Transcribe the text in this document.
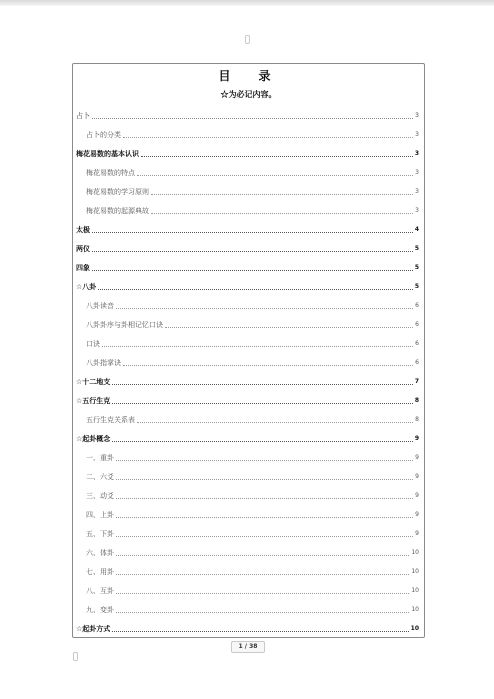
目　录
☆为必记内容。
占卜	3
占卜的分类	3
梅花易数的基本认识	3
梅花易数的特点	3
梅花易数的学习原则	3
梅花易数的起源典故	3
太极	4
两仪	5
四象	5
☆八卦	5
八卦读音	6
八卦卦序与卦相记忆口诀	6
口诀	6
八卦指掌诀	6
☆十二地支	7
☆五行生克	8
五行生克关系表	8
☆起卦概念	9
一、重卦	9
二、六爻	9
三、动爻	9
四、上卦	9
五、下卦	9
六、体卦	10
七、用卦	10
八、互卦	10
九、变卦	10
☆起卦方式	10
1 / 38
